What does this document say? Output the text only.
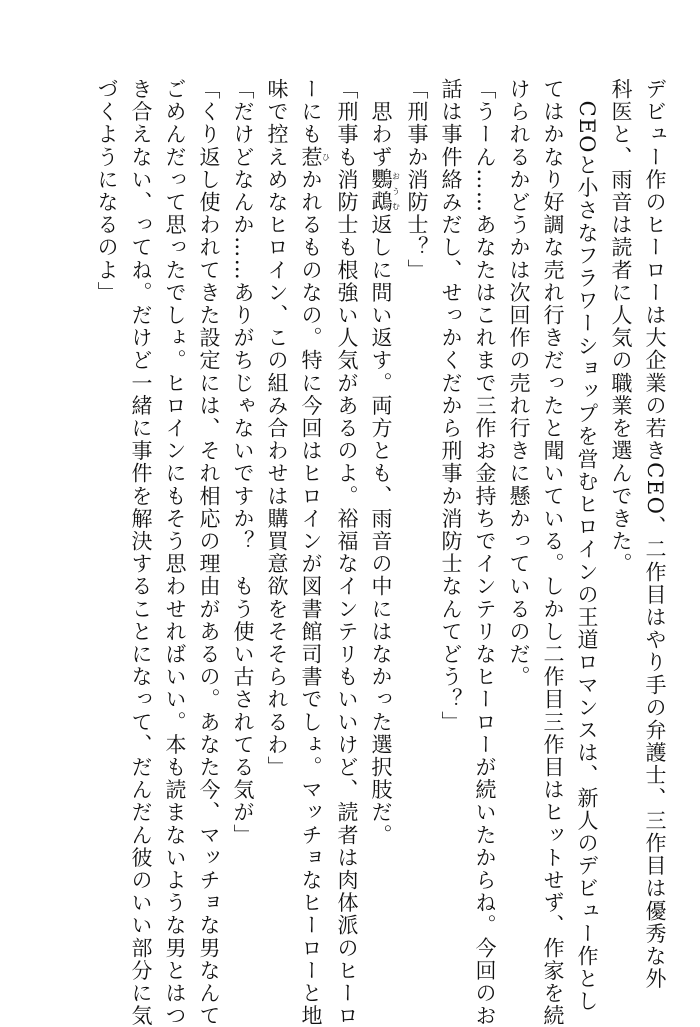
デビュー作のヒーローは大企業の若きCEO、二作目はやり手の弁護士、三作目は優秀な外
科医と、雨音は読者に人気の職業を選んできた。
　CEOと小さなフラワーショップを営むヒロインの王道ロマンスは、新人のデビュー作とし
てはかなり好調な売れ行きだったと聞いている。しかし二作目三作目はヒットせず、作家を続
けられるかどうかは次回作の売れ行きに懸かっているのだ。
「うーん……あなたはこれまで三作お金持ちでインテリなヒーローが続いたからね。今回のお
話は事件絡みだし、せっかくだから刑事か消防士なんてどう？」
「刑事か消防士？」
　思わず鸚鵡おうむ返しに問い返す。両方とも、雨音の中にはなかった選択肢だ。
「刑事も消防士も根強い人気があるのよ。裕福なインテリもいいけど、読者は肉体派のヒーロ
ーにも惹ひかれるものなの。特に今回はヒロインが図書館司書でしょ。マッチョなヒーローと地
味で控えめなヒロイン、この組み合わせは購買意欲をそそられるわ」
「だけどなんか……ありがちじゃないですか？　もう使い古されてる気が」
「くり返し使われてきた設定には、それ相応の理由があるの。あなた今、マッチョな男なんて
ごめんだって思ったでしょ。ヒロインにもそう思わせればいい。本も読まないような男とはつ
き合えない、ってね。だけど一緒に事件を解決することになって、だんだん彼のいい部分に気
づくようになるのよ」
